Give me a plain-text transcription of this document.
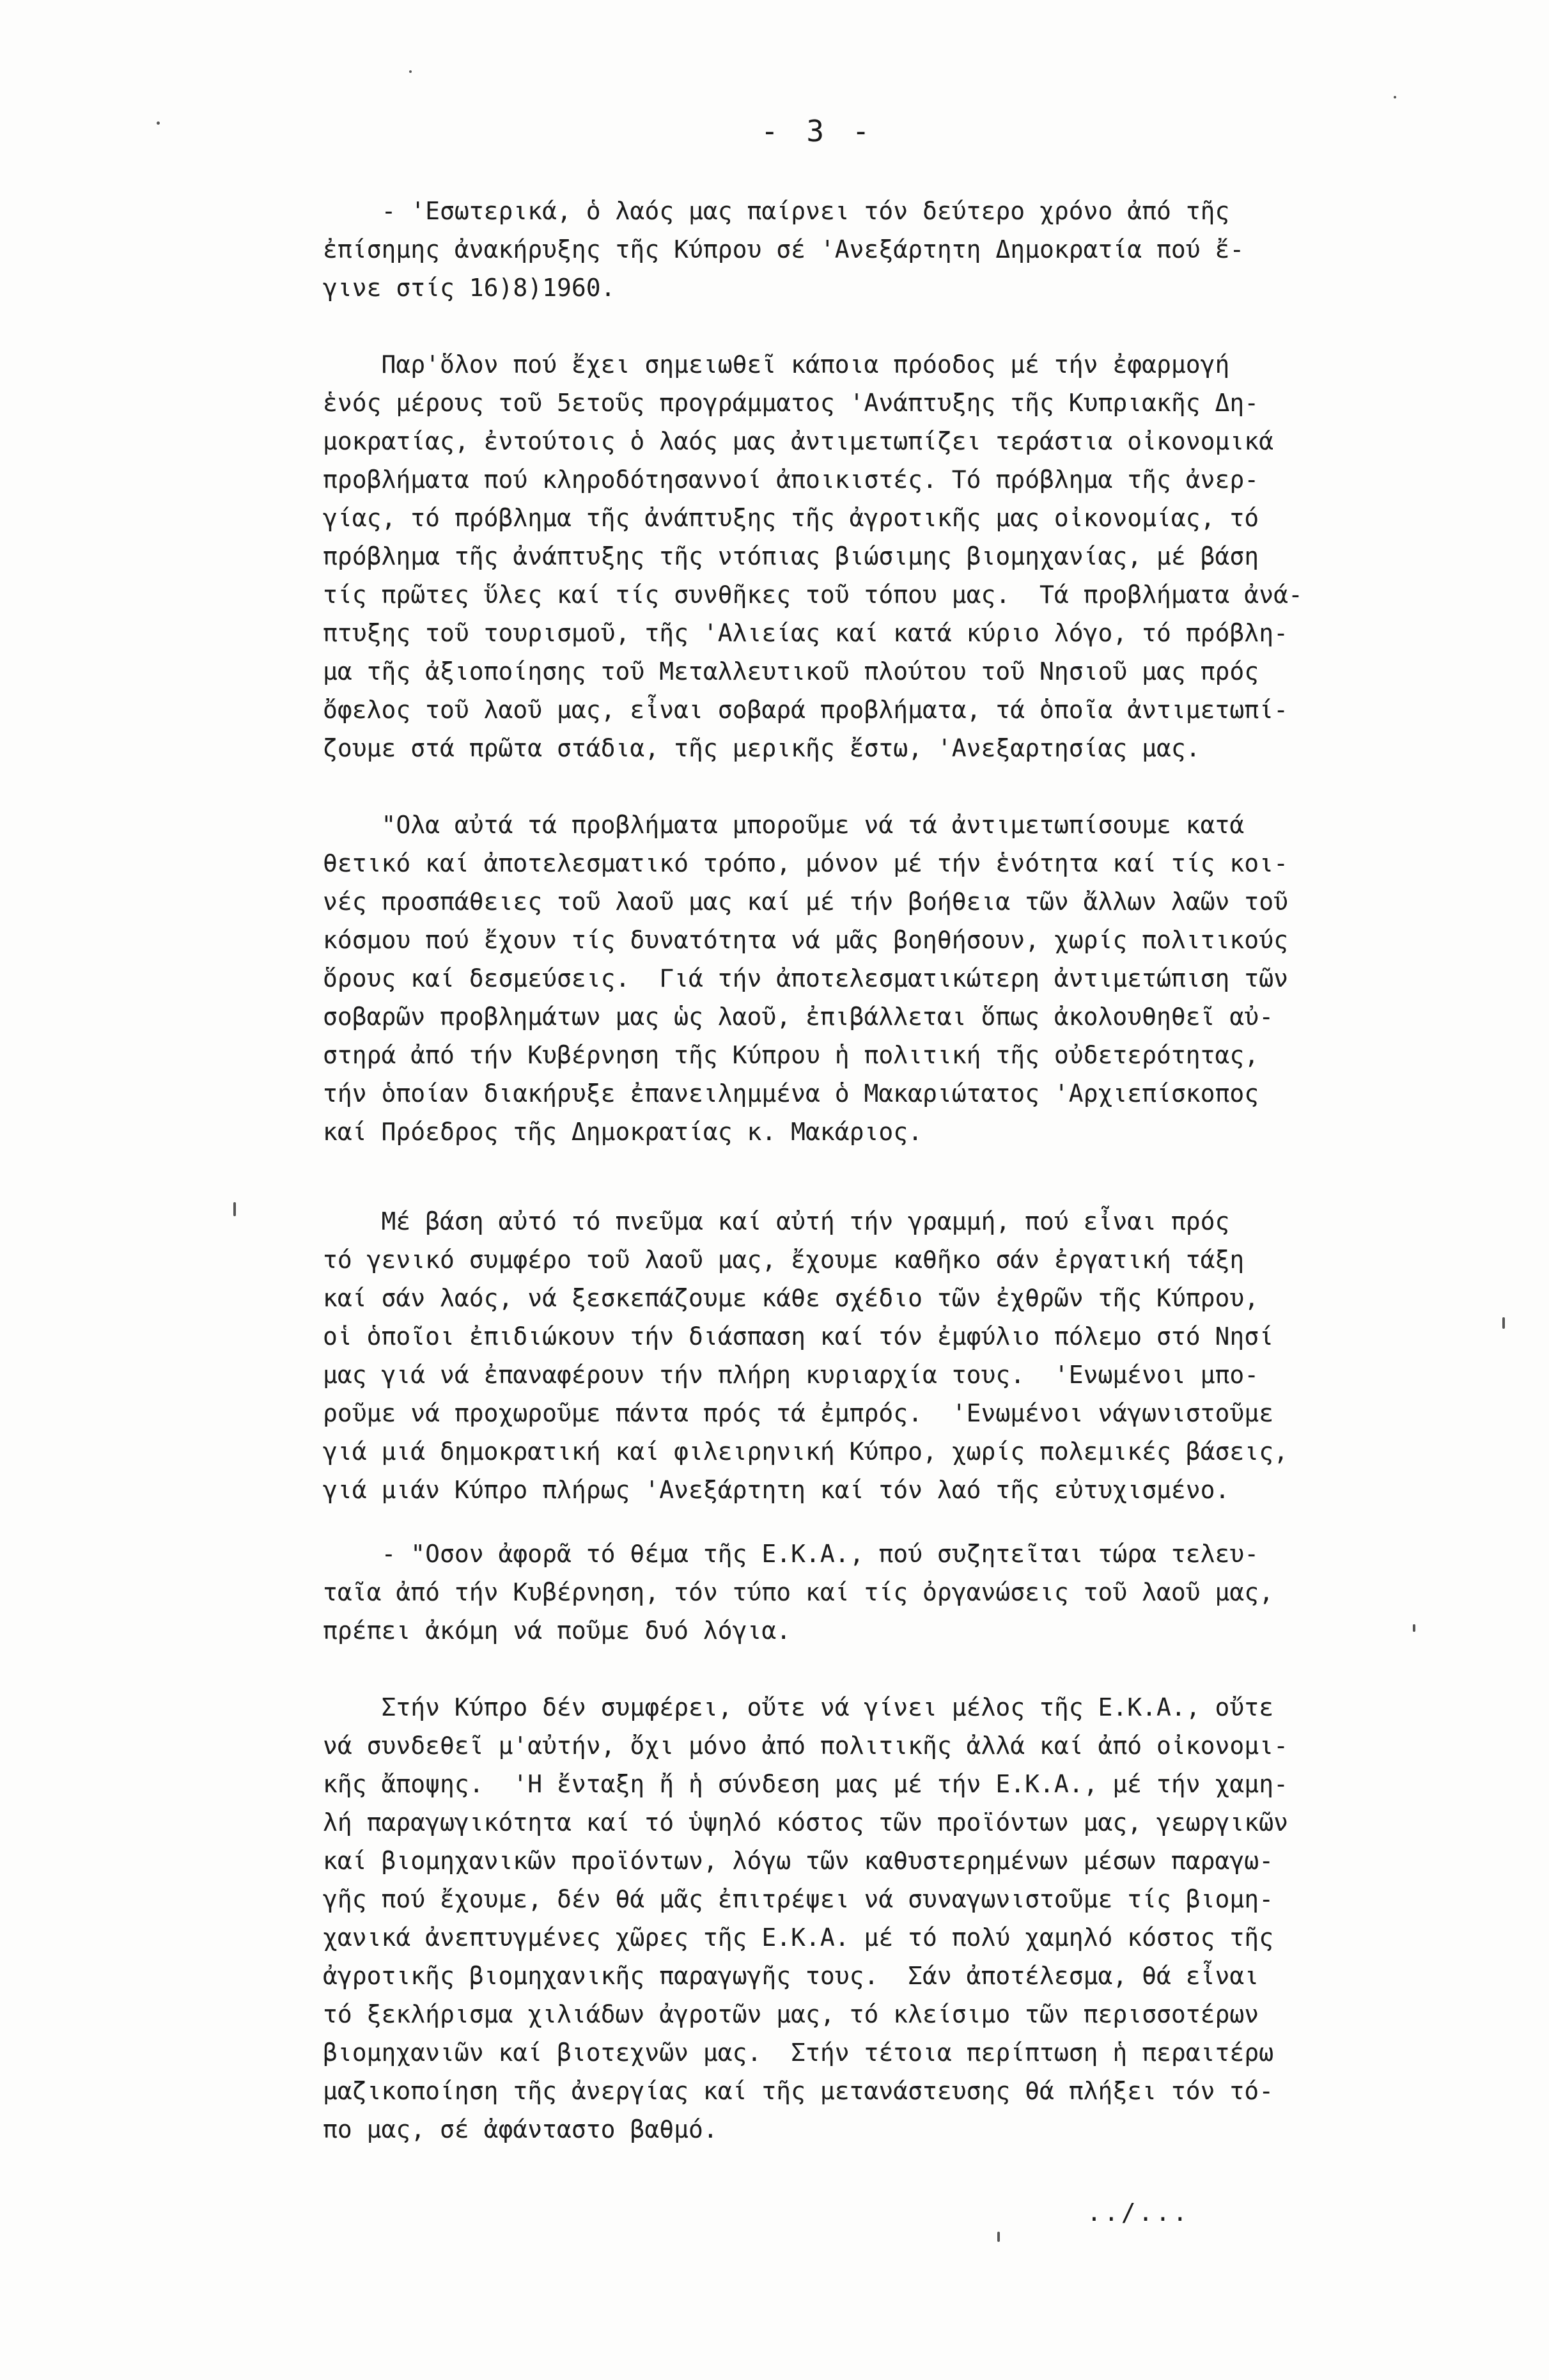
- 3 -
- 'Εσωτερικά, ὁ λαός μας παίρνει τόν δεύτερο χρόνο ἀπό τῆς
ἐπίσημης ἀνακήρυξης τῆς Κύπρου σέ 'Ανεξάρτητη Δημοκρατία πού ἔ-
γινε στίς 16)8)1960.
Παρ'ὅλον πού ἔχει σημειωθεῖ κάποια πρόοδος μέ τήν ἐφαρμογή
ἑνός μέρους τοῦ 5ετοῦς προγράμματος 'Ανάπτυξης τῆς Κυπριακῆς Δη-
μοκρατίας, ἐντούτοις ὁ λαός μας ἀντιμετωπίζει τεράστια οἰκονομικά
προβλήματα πού κληροδότησαννοί ἀποικιστές. Τό πρόβλημα τῆς ἀνερ-
γίας, τό πρόβλημα τῆς ἀνάπτυξης τῆς ἀγροτικῆς μας οἰκονομίας, τό
πρόβλημα τῆς ἀνάπτυξης τῆς ντόπιας βιώσιμης βιομηχανίας, μέ βάση
τίς πρῶτες ὕλες καί τίς συνθῆκες τοῦ τόπου μας.  Τά προβλήματα ἀνά-
πτυξης τοῦ τουρισμοῦ, τῆς 'Αλιείας καί κατά κύριο λόγο, τό πρόβλη-
μα τῆς ἀξιοποίησης τοῦ Μεταλλευτικοῦ πλούτου τοῦ Νησιοῦ μας πρός
ὄφελος τοῦ λαοῦ μας, εἶναι σοβαρά προβλήματα, τά ὁποῖα ἀντιμετωπί-
ζουμε στά πρῶτα στάδια, τῆς μερικῆς ἔστω, 'Ανεξαρτησίας μας.
"Ολα αὐτά τά προβλήματα μποροῦμε νά τά ἀντιμετωπίσουμε κατά
θετικό καί ἀποτελεσματικό τρόπο, μόνον μέ τήν ἑνότητα καί τίς κοι-
νές προσπάθειες τοῦ λαοῦ μας καί μέ τήν βοήθεια τῶν ἄλλων λαῶν τοῦ
κόσμου πού ἔχουν τίς δυνατότητα νά μᾶς βοηθήσουν, χωρίς πολιτικούς
ὅρους καί δεσμεύσεις.  Γιά τήν ἀποτελεσματικώτερη ἀντιμετώπιση τῶν
σοβαρῶν προβλημάτων μας ὡς λαοῦ, ἐπιβάλλεται ὅπως ἀκολουθηθεῖ αὐ-
στηρά ἀπό τήν Κυβέρνηση τῆς Κύπρου ἡ πολιτική τῆς οὐδετερότητας,
τήν ὁποίαν διακήρυξε ἐπανειλημμένα ὁ Μακαριώτατος 'Αρχιεπίσκοπος
καί Πρόεδρος τῆς Δημοκρατίας κ. Μακάριος.
Μέ βάση αὐτό τό πνεῦμα καί αὐτή τήν γραμμή, πού εἶναι πρός
τό γενικό συμφέρο τοῦ λαοῦ μας, ἔχουμε καθῆκο σάν ἐργατική τάξη
καί σάν λαός, νά ξεσκεπάζουμε κάθε σχέδιο τῶν ἐχθρῶν τῆς Κύπρου,
οἱ ὁποῖοι ἐπιδιώκουν τήν διάσπαση καί τόν ἐμφύλιο πόλεμο στό Νησί
μας γιά νά ἐπαναφέρουν τήν πλήρη κυριαρχία τους.  'Ενωμένοι μπο-
ροῦμε νά προχωροῦμε πάντα πρός τά ἐμπρός.  'Ενωμένοι νάγωνιστοῦμε
γιά μιά δημοκρατική καί φιλειρηνική Κύπρο, χωρίς πολεμικές βάσεις,
γιά μιάν Κύπρο πλήρως 'Ανεξάρτητη καί τόν λαό τῆς εὐτυχισμένο.
- "Οσον ἀφορᾶ τό θέμα τῆς Ε.Κ.Α., πού συζητεῖται τώρα τελευ-
ταῖα ἀπό τήν Κυβέρνηση, τόν τύπο καί τίς ὀργανώσεις τοῦ λαοῦ μας,
πρέπει ἀκόμη νά ποῦμε δυό λόγια.
Στήν Κύπρο δέν συμφέρει, οὔτε νά γίνει μέλος τῆς Ε.Κ.Α., οὔτε
νά συνδεθεῖ μ'αὐτήν, ὄχι μόνο ἀπό πολιτικῆς ἀλλά καί ἀπό οἰκονομι-
κῆς ἄποψης.  'Η ἔνταξη ἤ ἡ σύνδεση μας μέ τήν Ε.Κ.Α., μέ τήν χαμη-
λή παραγωγικότητα καί τό ὑψηλό κόστος τῶν προϊόντων μας, γεωργικῶν
καί βιομηχανικῶν προϊόντων, λόγω τῶν καθυστερημένων μέσων παραγω-
γῆς πού ἔχουμε, δέν θά μᾶς ἐπιτρέψει νά συναγωνιστοῦμε τίς βιομη-
χανικά ἀνεπτυγμένες χῶρες τῆς Ε.Κ.Α. μέ τό πολύ χαμηλό κόστος τῆς
ἀγροτικῆς βιομηχανικῆς παραγωγῆς τους.  Σάν ἀποτέλεσμα, θά εἶναι
τό ξεκλήρισμα χιλιάδων ἀγροτῶν μας, τό κλείσιμο τῶν περισσοτέρων
βιομηχανιῶν καί βιοτεχνῶν μας.  Στήν τέτοια περίπτωση ἡ περαιτέρω
μαζικοποίηση τῆς ἀνεργίας καί τῆς μετανάστευσης θά πλήξει τόν τό-
πο μας, σέ ἀφάνταστο βαθμό.
../...
